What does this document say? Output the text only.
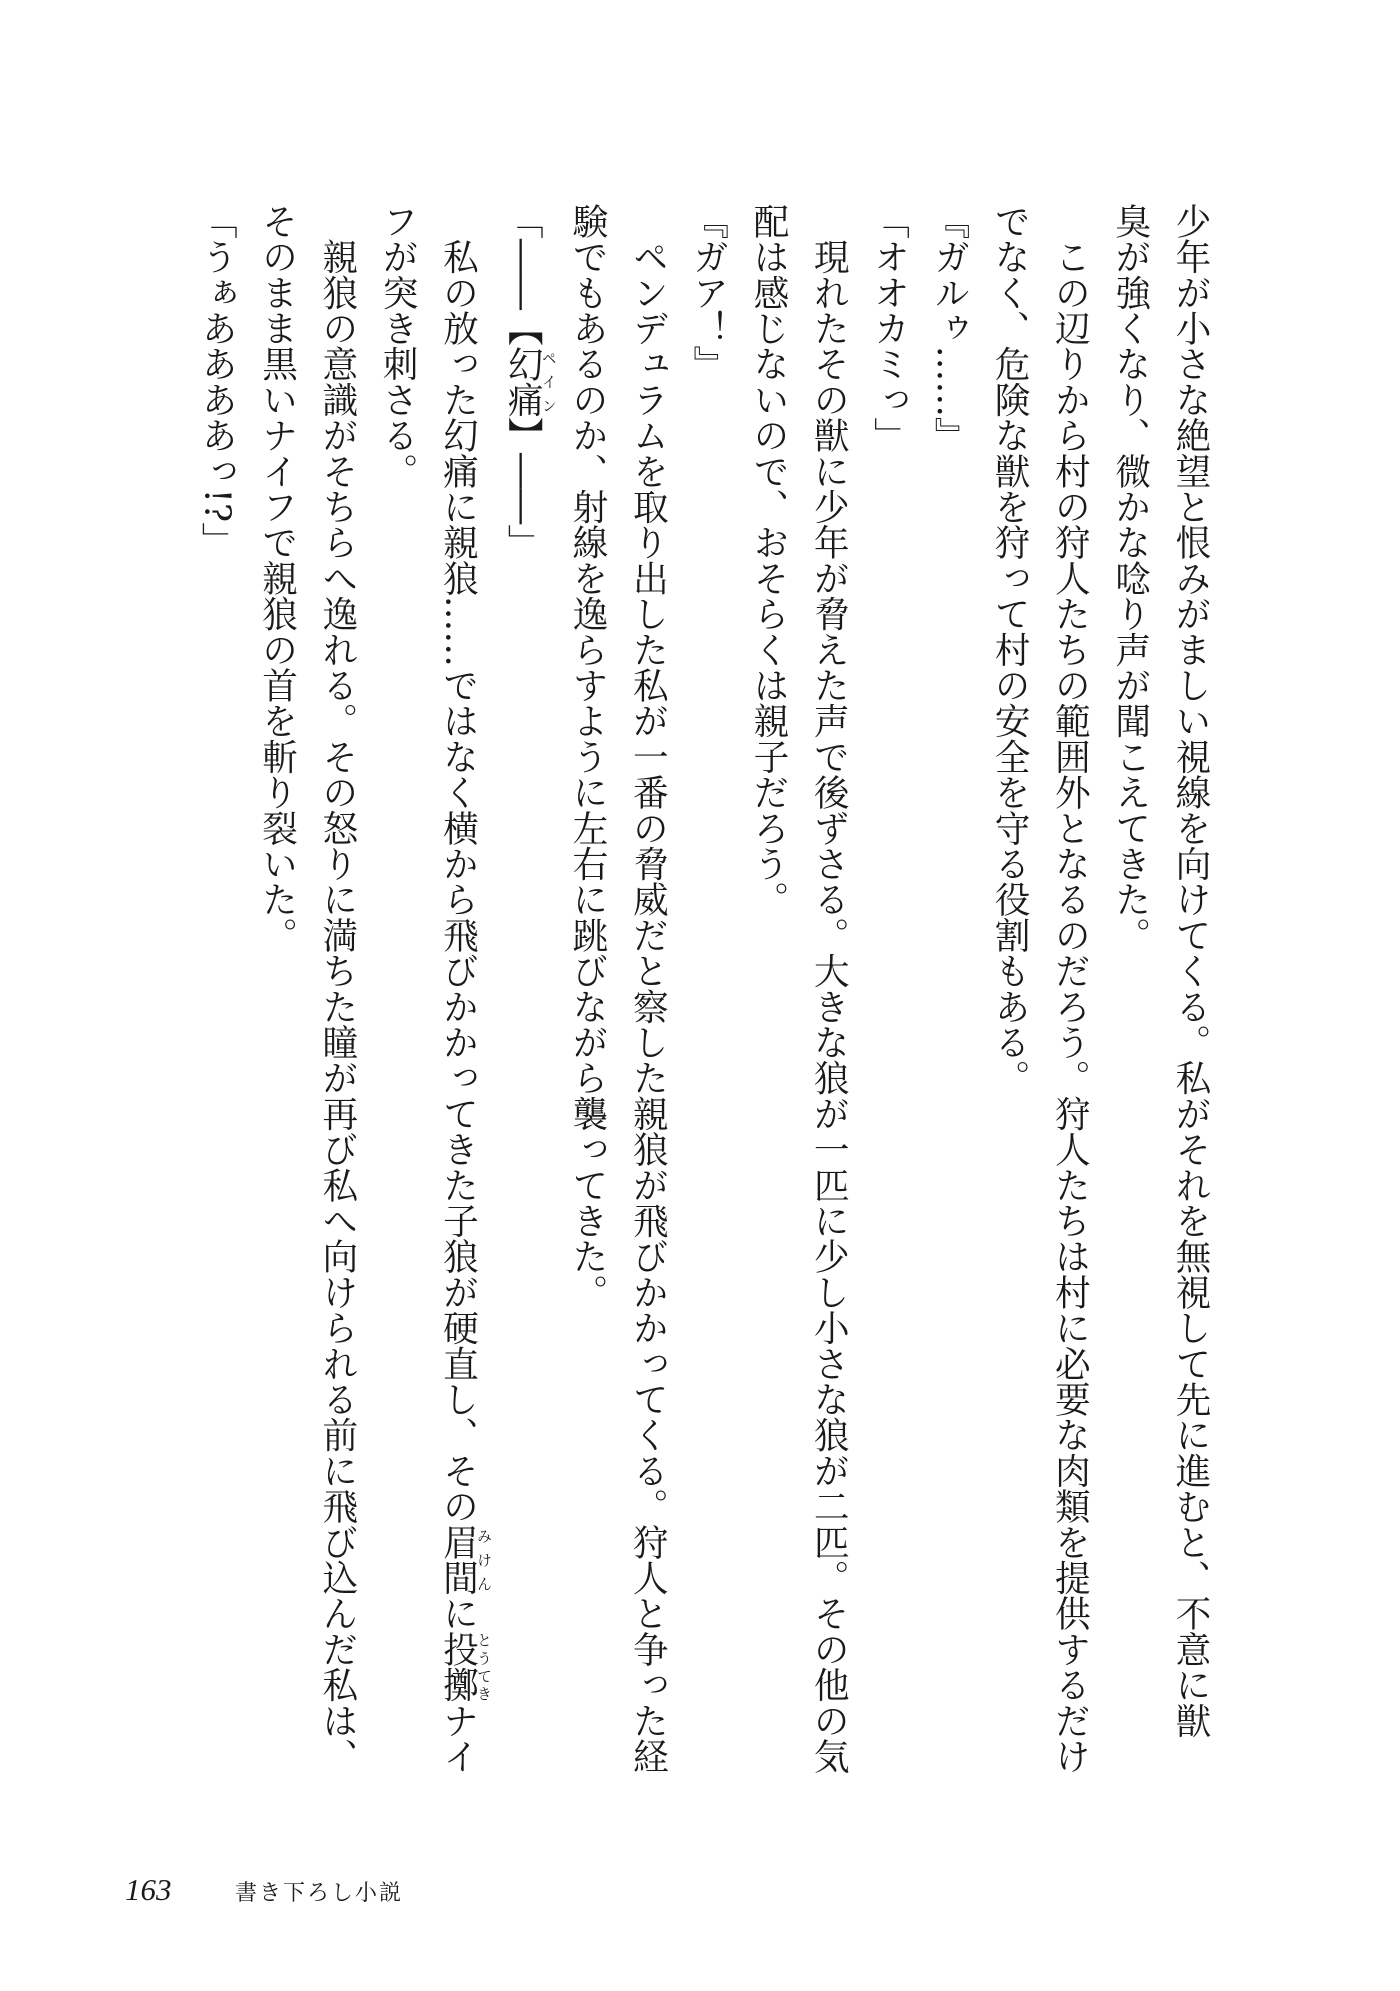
少年が小さな絶望と恨みがましい視線を向けてくる。私がそれを無視して先に進むと、不意に獣
臭が強くなり、微かな唸り声が聞こえてきた。
　この辺りから村の狩人たちの範囲外となるのだろう。狩人たちは村に必要な肉類を提供するだけ
でなく、危険な獣を狩って村の安全を守る役割もある。
『ガルゥ……』
「オオカミっ」
　現れたその獣に少年が脅えた声で後ずさる。大きな狼が一匹に少し小さな狼が二匹。その他の気
配は感じないので、おそらくは親子だろう。
『ガア！』
　ペンデュラムを取り出した私が一番の脅威だと察した親狼が飛びかかってくる。狩人と争った経
験でもあるのか、射線を逸らすように左右に跳びながら襲ってきた。
「――【幻痛ペイン】――」
　私の放った幻痛に親狼……ではなく横から飛びかかってきた子狼が硬直し、その眉間みけんに投擲とうてきナイ
フが突き刺さる。
　親狼の意識がそちらへ逸れる。その怒りに満ちた瞳が再び私へ向けられる前に飛び込んだ私は、
そのまま黒いナイフで親狼の首を斬り裂いた。
「うぁああああっ!?」
163	書き下ろし小説
